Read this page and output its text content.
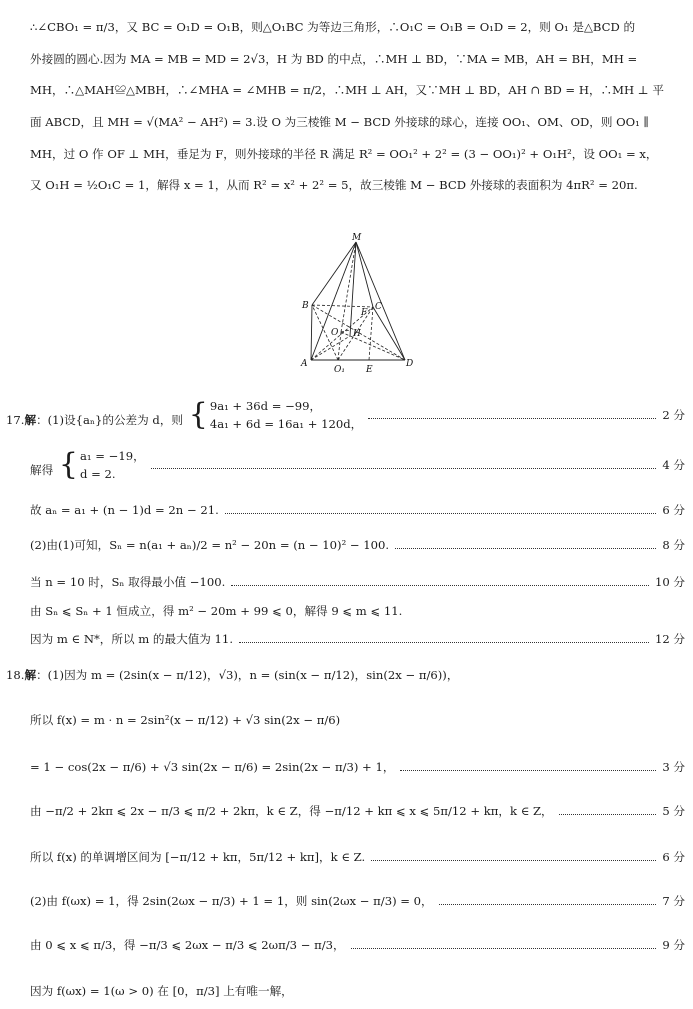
∴∠CBO₁ = π/3，又 BC = O₁D = O₁B，则△O₁BC 为等边三角形，∴O₁C = O₁B = O₁D = 2，则 O₁ 是△BCD 的
外接圆的圆心.因为 MA = MB = MD = 2√3，H 为 BD 的中点，∴MH ⊥ BD，∵MA = MB，AH = BH，MH =
MH，∴△MAH≌△MBH，∴∠MHA = ∠MHB = π/2，∴MH ⊥ AH，又∵MH ⊥ BD，AH ∩ BD = H，∴MH ⊥ 平
面 ABCD，且 MH = √(MA² − AH²) = 3.设 O 为三棱锥 M − BCD 外接球的球心，连接 OO₁、OM、OD，则 OO₁ ∥
MH，过 O 作 OF ⊥ MH，垂足为 F，则外接球的半径 R 满足 R² = OO₁² + 2² = (3 − OO₁)² + O₁H²，设 OO₁ = x，
又 O₁H = ½O₁C = 1，解得 x = 1，从而 R² = x² + 2² = 5，故三棱锥 M − BCD 外接球的表面积为 4πR² = 20π.
M
B	C
F
O H
A
O₁ E
D
17.解：(1)设{aₙ}的公差为 d，则 { 9a₁ + 36d = −99，
4a₁ + 6d = 16a₁ + 120d，
2 分
解得 { a₁ = −19，
d = 2.
4 分
故 aₙ = a₁ + (n − 1)d = 2n − 21.	6 分
(2)由(1)可知，Sₙ = n(a₁ + aₙ)/2 = n² − 20n = (n − 10)² − 100.	8 分
当 n = 10 时，Sₙ 取得最小值 −100.	10 分
由 Sₙ ⩽ Sₙ + 1 恒成立，得 m² − 20m + 99 ⩽ 0，解得 9 ⩽ m ⩽ 11.
因为 m ∈ N*，所以 m 的最大值为 11.	12 分
18.解：(1)因为 m = (2sin(x − π/12)，√3)，n = (sin(x − π/12)，sin(2x − π/6))，
所以 f(x) = m · n = 2sin²(x − π/12) + √3 sin(2x − π/6)
= 1 − cos(2x − π/6) + √3 sin(2x − π/6) = 2sin(2x − π/3) + 1，	3 分
由 −π/2 + 2kπ ⩽ 2x − π/3 ⩽ π/2 + 2kπ，k ∈ Z，得 −π/12 + kπ ⩽ x ⩽ 5π/12 + kπ，k ∈ Z，	5 分
所以 f(x) 的单调增区间为 [−π/12 + kπ，5π/12 + kπ]，k ∈ Z.	6 分
(2)由 f(ωx) = 1，得 2sin(2ωx − π/3) + 1 = 1，则 sin(2ωx − π/3) = 0，	7 分
由 0 ⩽ x ⩽ π/3，得 −π/3 ⩽ 2ωx − π/3 ⩽ 2ωπ/3 − π/3，	9 分
因为 f(ωx) = 1(ω > 0) 在 [0，π/3] 上有唯一解，
